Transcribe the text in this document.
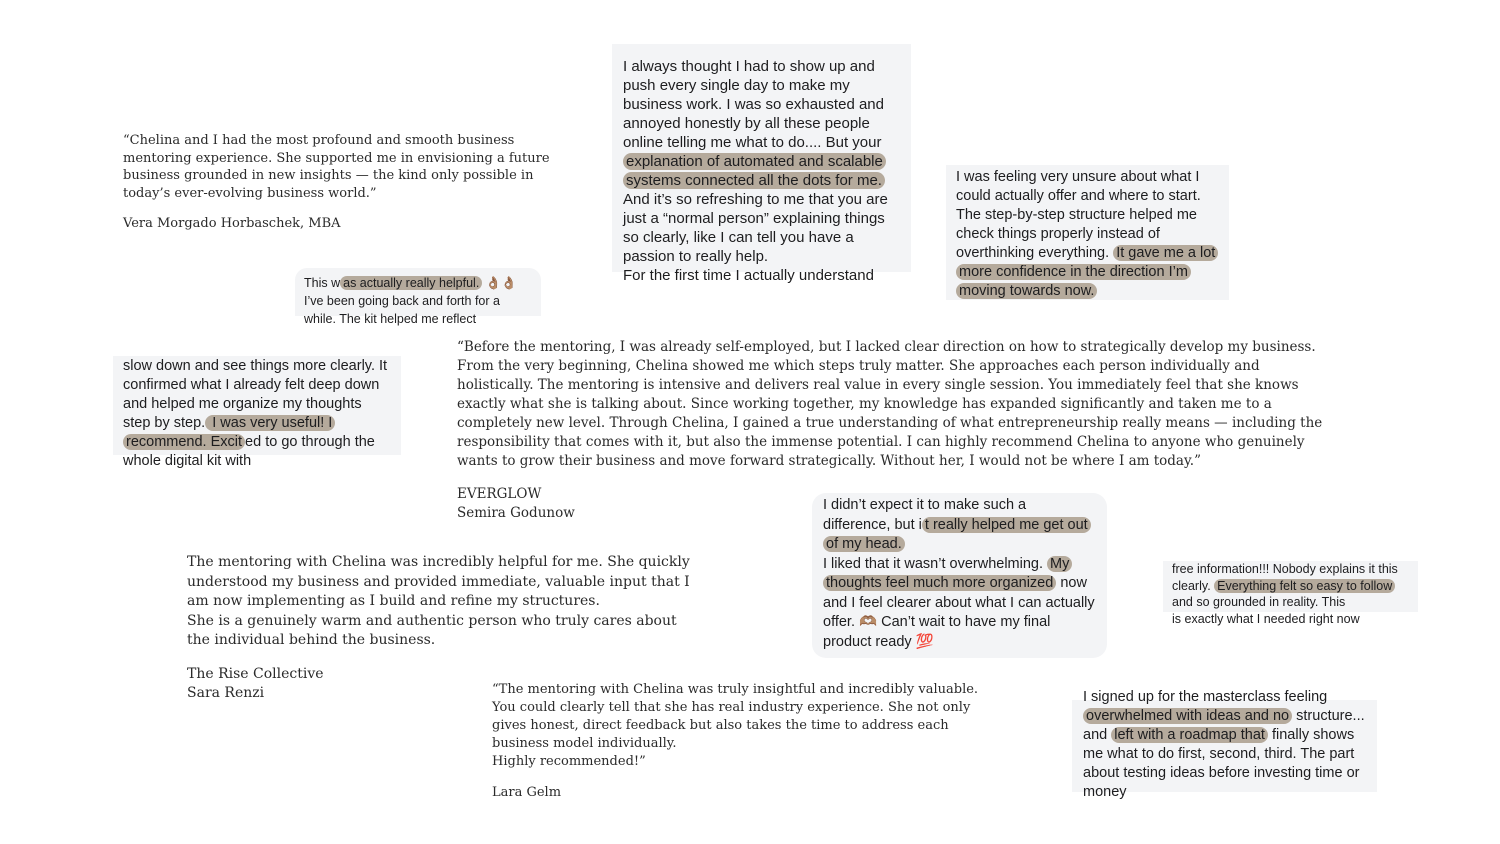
“Chelina and I had the most profound and smooth business mentoring experience. She supported me in envisioning a future business grounded in new insights — the kind only possible in today’s ever-evolving business world.”

Vera Morgado Horbaschek, MBA

I always thought I had to show up and push every single day to make my business work. I was so exhausted and annoyed honestly by all these people online telling me what to do.... But your explanation of automated and scalable systems connected all the dots for me. And it’s so refreshing to me that you are just a “normal person” explaining things so clearly, like I can tell you have a passion to really help.

For the first time I actually understand

I was feeling very unsure about what I could actually offer and where to start. The step-by-step structure helped me check things properly instead of overthinking everything. It gave me a lot more confidence in the direction I’m moving towards now.

This w as actually really helpful. 👌🏽👌🏽

I’ve been going back and forth for a while. The kit helped me reflect

slow down and see things more clearly. It confirmed what I already felt deep down and helped me organize my thoughts step by step. I was very useful! I recommend. Excit ed to go through the whole digital kit with

“Before the mentoring, I was already self-employed, but I lacked clear direction on how to strategically develop my business. From the very beginning, Chelina showed me which steps truly matter. She approaches each person individually and holistically. The mentoring is intensive and delivers real value in every single session. You immediately feel that she knows exactly what she is talking about. Since working together, my knowledge has expanded significantly and taken me to a completely new level. Through Chelina, I gained a true understanding of what entrepreneurship really means — including the responsibility that comes with it, but also the immense potential. I can highly recommend Chelina to anyone who genuinely wants to grow their business and move forward strategically. Without her, I would not be where I am today.”

EVERGLOW

Semira Godunow	I didn’t expect it to make such a difference, but i t really helped me get out of my head.

I liked that it wasn’t overwhelming. My thoughts feel much more organized now and I feel clearer about what I can actually offer. 🫶🏽 Can’t wait to have my final product ready 💯

free information!!! Nobody explains it this clearly. Everything felt so easy to follow and so grounded in reality. This

is exactly what I needed right now

The mentoring with Chelina was incredibly helpful for me. She quickly understood my business and provided immediate, valuable input that I am now implementing as I build and refine my structures.
She is a genuinely warm and authentic person who truly cares about the individual behind the business.

The Rise Collective

Sara Renzi	“The mentoring with Chelina was truly insightful and incredibly valuable. You could clearly tell that she has real industry experience. She not only gives honest, direct feedback but also takes the time to address each business model individually.
Highly recommended!”

Lara Gelm

I signed up for the masterclass feeling

overwhelmed with ideas and no structure... and left with a roadmap that finally shows me what to do first, second, third. The part about testing ideas before investing time or money
